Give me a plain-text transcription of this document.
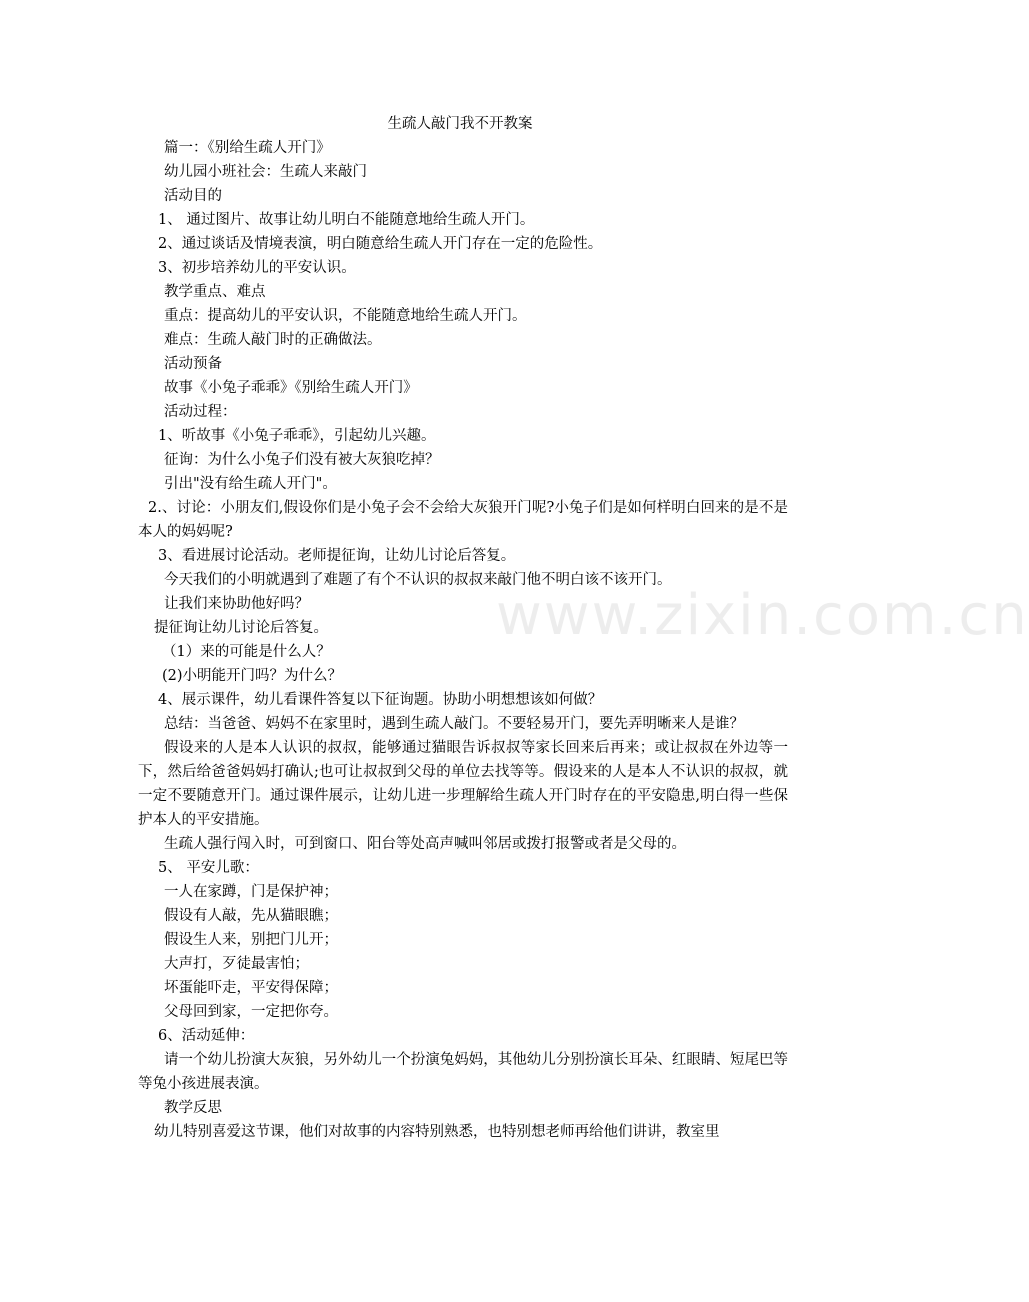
生疏人敲门我不开教案
篇一：《别给生疏人开门》
幼儿园小班社会：生疏人来敲门
活动目的
1、 通过图片、故事让幼儿明白不能随意地给生疏人开门。
2、通过谈话及情境表演，明白随意给生疏人开门存在一定的危险性。
3、初步培养幼儿的平安认识。
教学重点、难点
重点：提高幼儿的平安认识，不能随意地给生疏人开门。
难点：生疏人敲门时的正确做法。
活动预备
故事《小兔子乖乖》《别给生疏人开门》
活动过程：
1、听故事《小兔子乖乖》，引起幼儿兴趣。
征询：为什么小兔子们没有被大灰狼吃掉？
引出"没有给生疏人开门"。
2.、讨论：小朋友们,假设你们是小兔子会不会给大灰狼开门呢?小兔子们是如何样明白回来的是不是本人的妈妈呢?
3、看进展讨论活动。老师提征询，让幼儿讨论后答复。
今天我们的小明就遇到了难题了有个不认识的叔叔来敲门他不明白该不该开门。
让我们来协助他好吗？
提征询让幼儿讨论后答复。
（1）来的可能是什么人？
(2)小明能开门吗？为什么？
4、展示课件，幼儿看课件答复以下征询题。协助小明想想该如何做？
总结：当爸爸、妈妈不在家里时，遇到生疏人敲门。不要轻易开门，要先弄明晰来人是谁？
假设来的人是本人认识的叔叔，能够通过猫眼告诉叔叔等家长回来后再来；或让叔叔在外边等一下，然后给爸爸妈妈打确认;也可让叔叔到父母的单位去找等等。假设来的人是本人不认识的叔叔，就一定不要随意开门。通过课件展示，让幼儿进一步理解给生疏人开门时存在的平安隐患,明白得一些保护本人的平安措施。
生疏人强行闯入时，可到窗口、阳台等处高声喊叫邻居或拨打报警或者是父母的。
5、 平安儿歌：
一人在家蹲，门是保护神；
假设有人敲，先从猫眼瞧；
假设生人来，别把门儿开；
大声打，歹徒最害怕；
坏蛋能吓走，平安得保障；
父母回到家，一定把你夸。
6、活动延伸：
请一个幼儿扮演大灰狼，另外幼儿一个扮演兔妈妈，其他幼儿分别扮演长耳朵、红眼睛、短尾巴等等兔小孩进展表演。
教学反思
幼儿特别喜爱这节课，他们对故事的内容特别熟悉，也特别想老师再给他们讲讲，教室里
www.zixin.com.cn
